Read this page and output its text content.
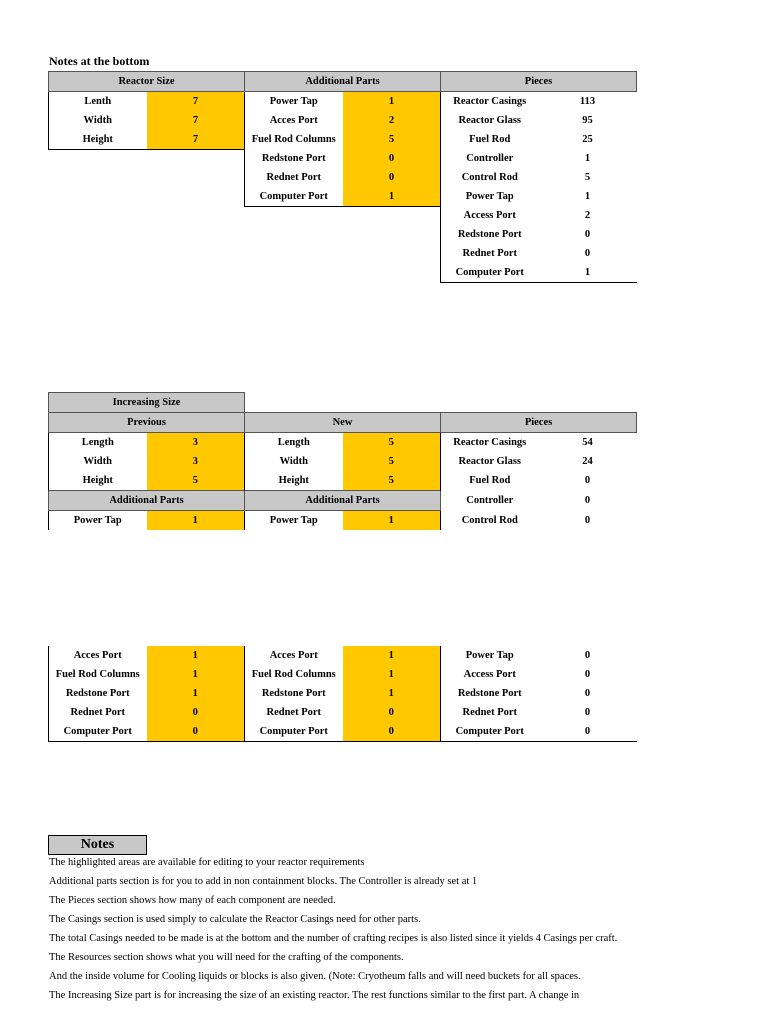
Notes at the bottom
Reactor Size	
Lenth	7
Width	7
Height	7
Additional Parts	
Power Tap	1
Acces Port	2
Fuel Rod Columns	5
Redstone Port	0
Rednet Port	0
Computer Port	1
Pieces	
Reactor Casings	113
Reactor Glass	95
Fuel Rod	25
Controller	1
Control Rod	5
Power Tap	1
Access Port	2
Redstone Port	0
Rednet Port	0
Computer Port	1
Increasing Size					
Previous		New		Pieces	
Length	3	Length	5	Reactor Casings	54
Width	3	Width	5	Reactor Glass	24
Height	5	Height	5	Fuel Rod	0
Additional Parts		Additional Parts		Controller	0
Power Tap	1	Power Tap	1	Control Rod	0
Acces Port	1	Acces Port	1	Power Tap	0
Fuel Rod Columns	1	Fuel Rod Columns	1	Access Port	0
Redstone Port	1	Redstone Port	1	Redstone Port	0
Rednet Port	0	Rednet Port	0	Rednet Port	0
Computer Port	0	Computer Port	0	Computer Port	0
Notes
The highlighted areas are available for editing to your reactor requirements
Additional parts section is for you to add in non containment blocks. The Controller is already set at 1
The Pieces section shows how many of each component are needed.
The Casings section is used simply to calculate the Reactor Casings need for other parts.
The total Casings needed to be made is at the bottom and the number of crafting recipes is also listed since it yields 4 Casings per craft.
The Resources section shows what you will need for the crafting of the components.
And the inside volume for Cooling liquids or blocks is also given. (Note: Cryotheum falls and will need buckets for all spaces.
The Increasing Size part is for increasing the size of an existing reactor. The rest functions similar to the first part. A change in
